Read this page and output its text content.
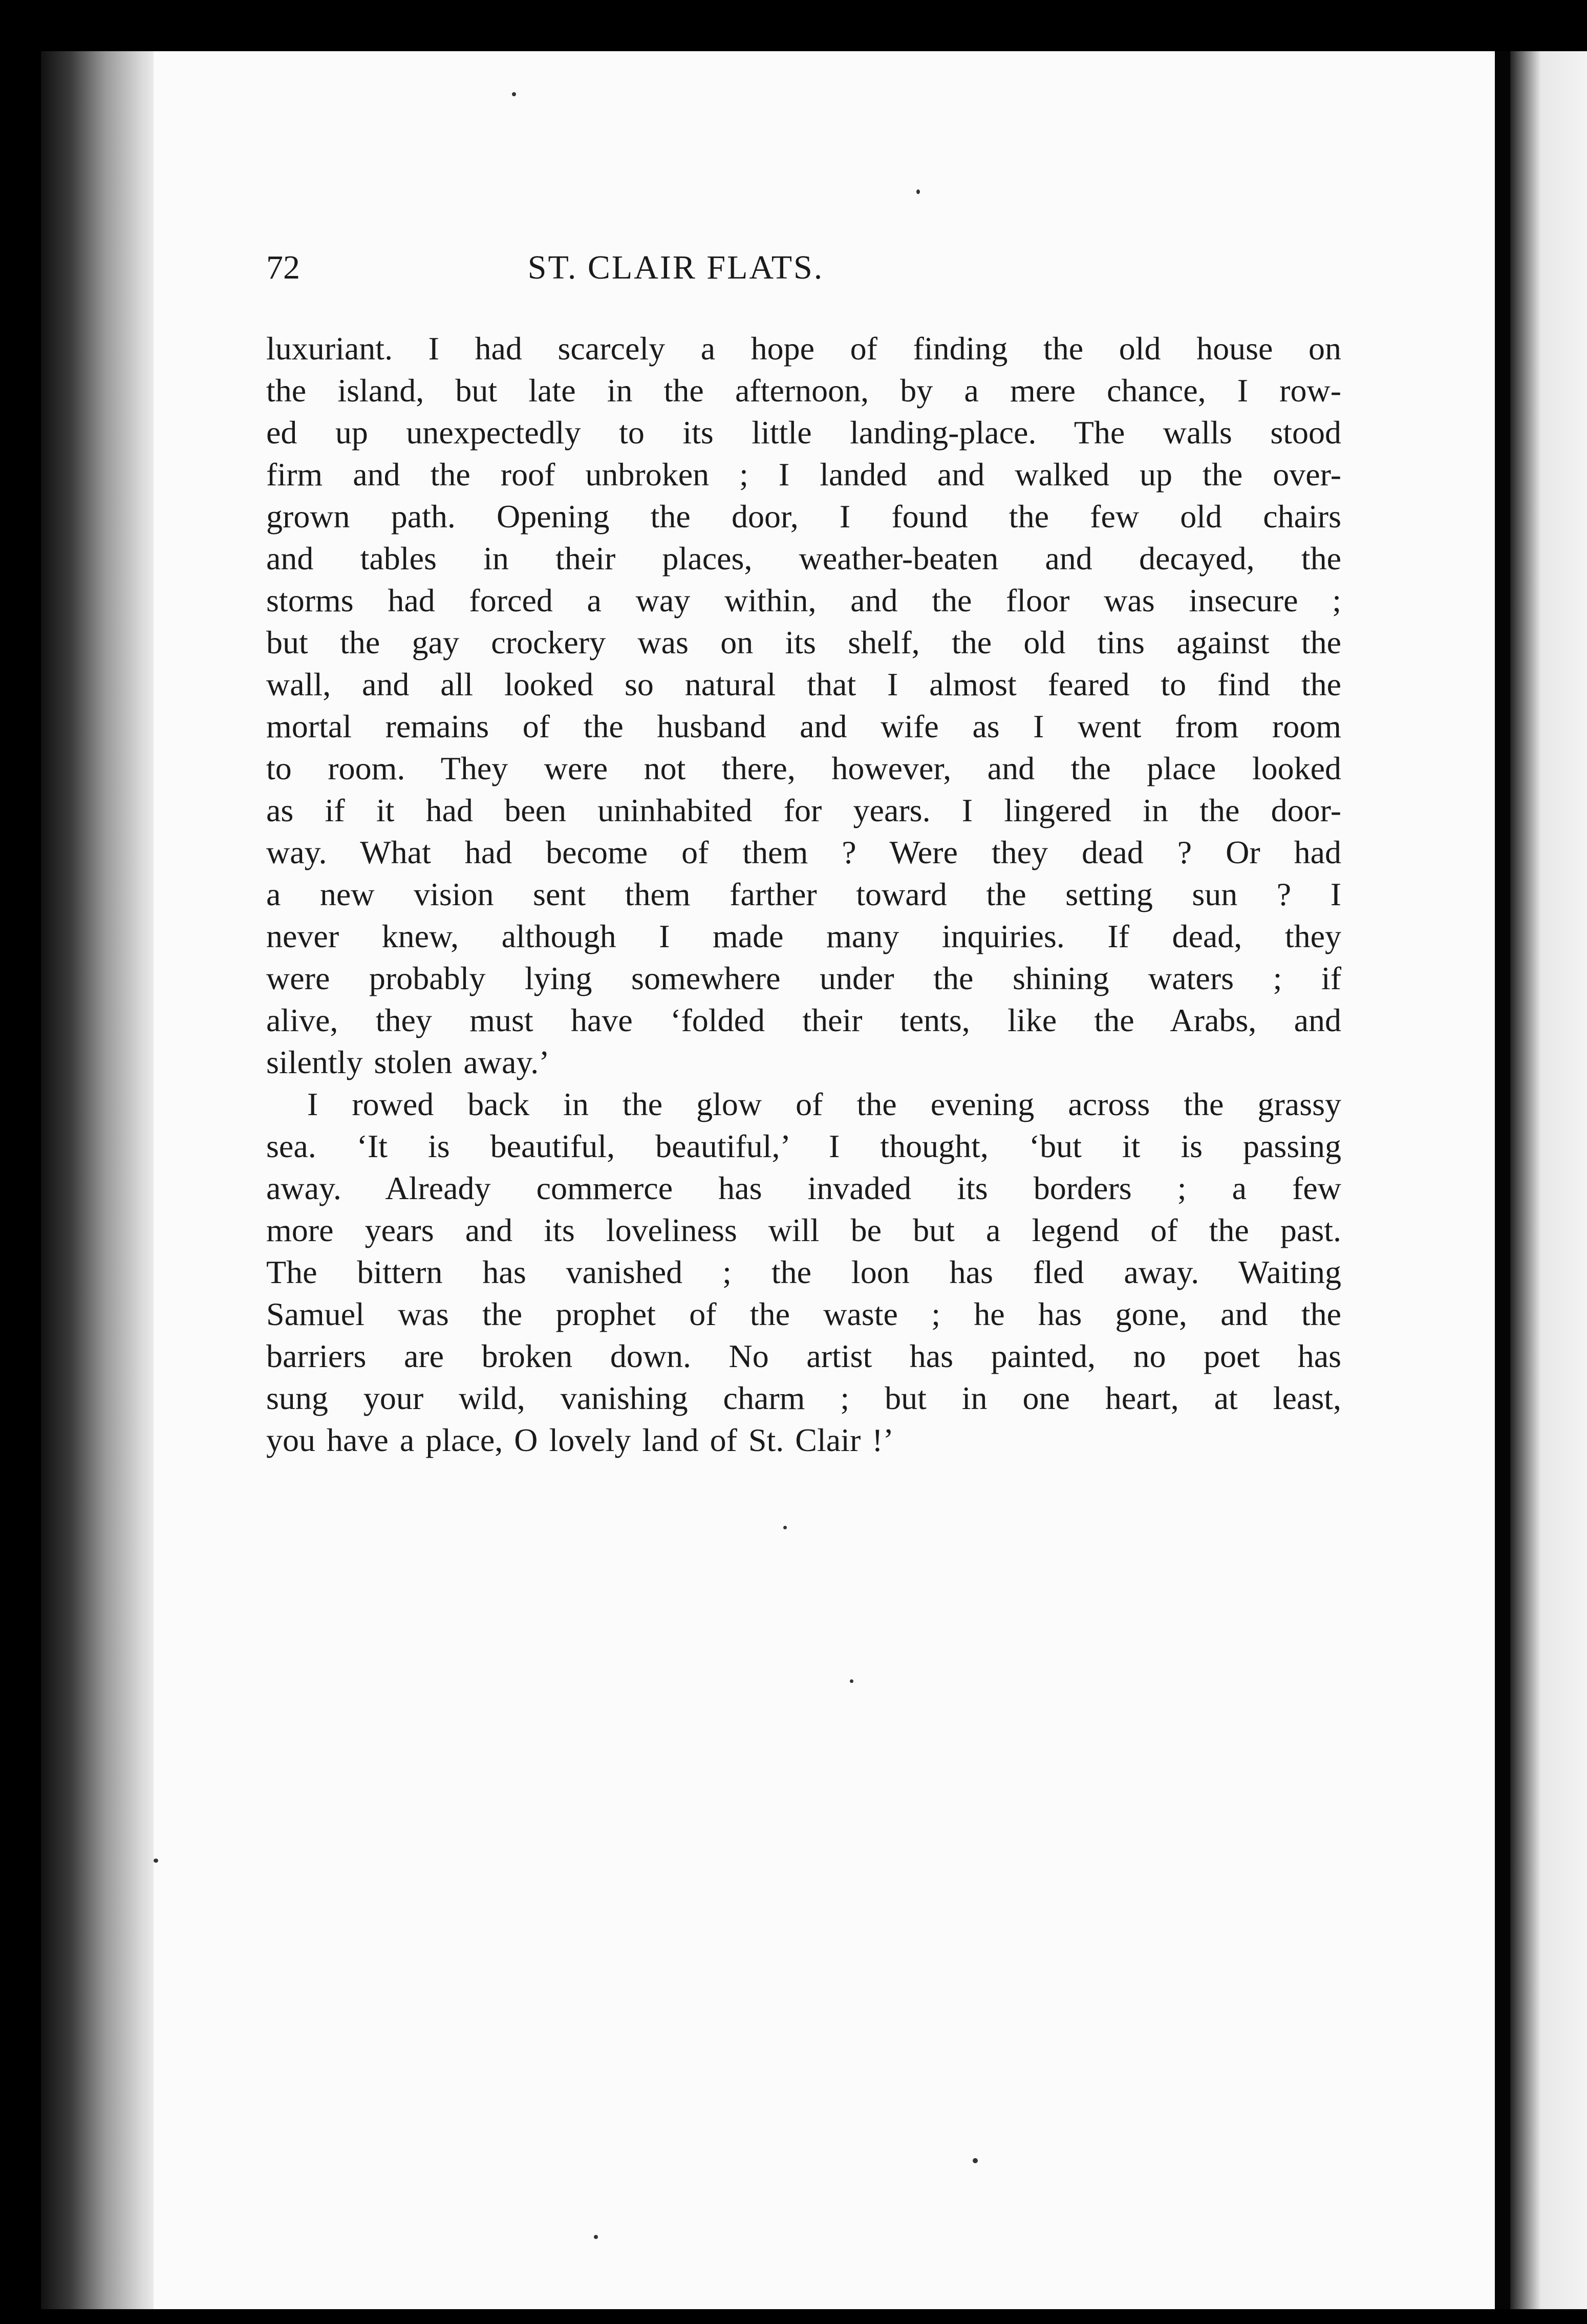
72	ST. CLAIR FLATS.
luxuriant. I had scarcely a hope of finding the old house on
the island, but late in the afternoon, by a mere chance, I row-
ed up unexpectedly to its little landing-place. The walls stood
firm and the roof unbroken ; I landed and walked up the over-
grown path. Opening the door, I found the few old chairs
and tables in their places, weather-beaten and decayed, the
storms had forced a way within, and the floor was insecure ;
but the gay crockery was on its shelf, the old tins against the
wall, and all looked so natural that I almost feared to find the
mortal remains of the husband and wife as I went from room
to room. They were not there, however, and the place looked
as if it had been uninhabited for years. I lingered in the door-
way. What had become of them ? Were they dead ? Or had
a new vision sent them farther toward the setting sun ? I
never knew, although I made many inquiries. If dead, they
were probably lying somewhere under the shining waters ; if
alive, they must have ‘folded their tents, like the Arabs, and
silently stolen away.’
I rowed back in the glow of the evening across the grassy
sea. ‘It is beautiful, beautiful,’ I thought, ‘but it is passing
away. Already commerce has invaded its borders ; a few
more years and its loveliness will be but a legend of the past.
The bittern has vanished ; the loon has fled away. Waiting
Samuel was the prophet of the waste ; he has gone, and the
barriers are broken down. No artist has painted, no poet has
sung your wild, vanishing charm ; but in one heart, at least,
you have a place, O lovely land of St. Clair !’
